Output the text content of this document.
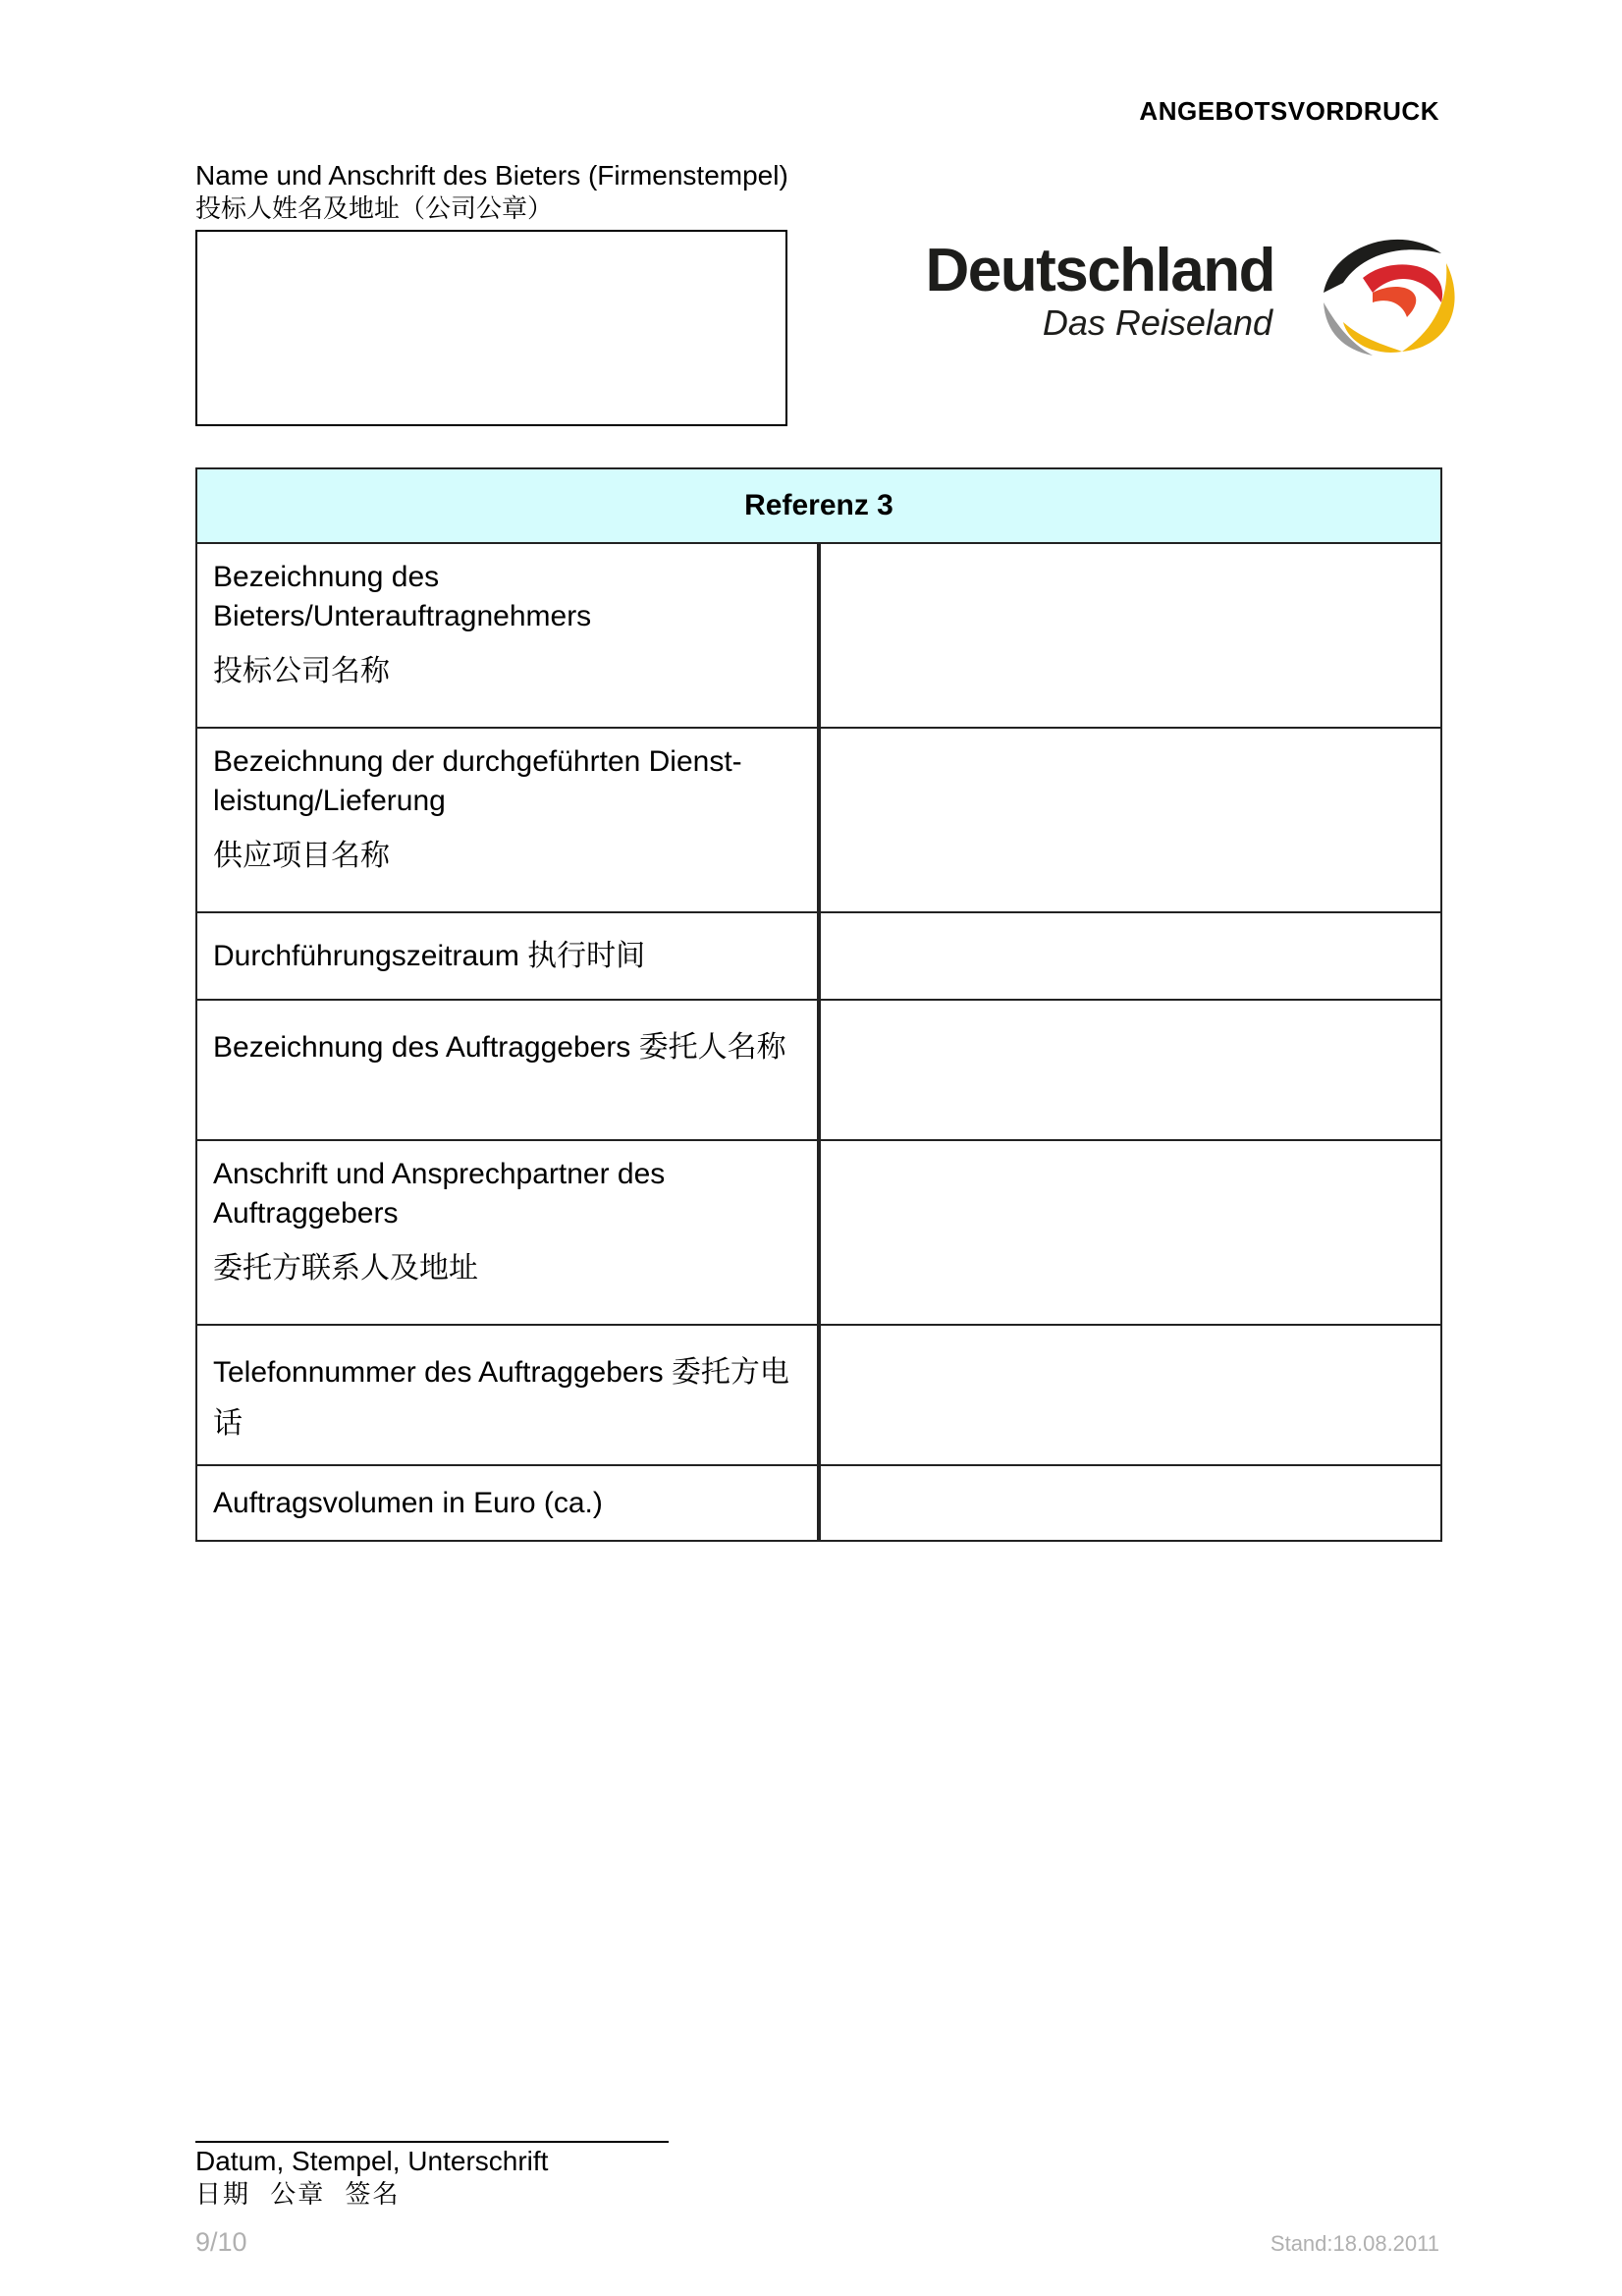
ANGEBOTSVORDRUCK
Name und Anschrift des Bieters (Firmenstempel)
投标人姓名及地址（公司公章）
Deutschland
Das Reiseland
Referenz 3	
Bezeichnung des Bieters/Unterauftragnehmers
投标公司名称	

Bezeichnung der durchgeführten Dienst-leistung/Lieferung
供应项目名称	

Durchführungszeitraum 执行时间	
Bezeichnung des Auftraggebers 委托人名称	
Anschrift und Ansprechpartner des Auftraggebers
委托方联系人及地址	

Telefonnummer des Auftraggebers 委托方电话	
Auftragsvolumen in Euro (ca.)	
Datum, Stempel, Unterschrift
日期 公章 签名
9/10	Stand:18.08.2011
